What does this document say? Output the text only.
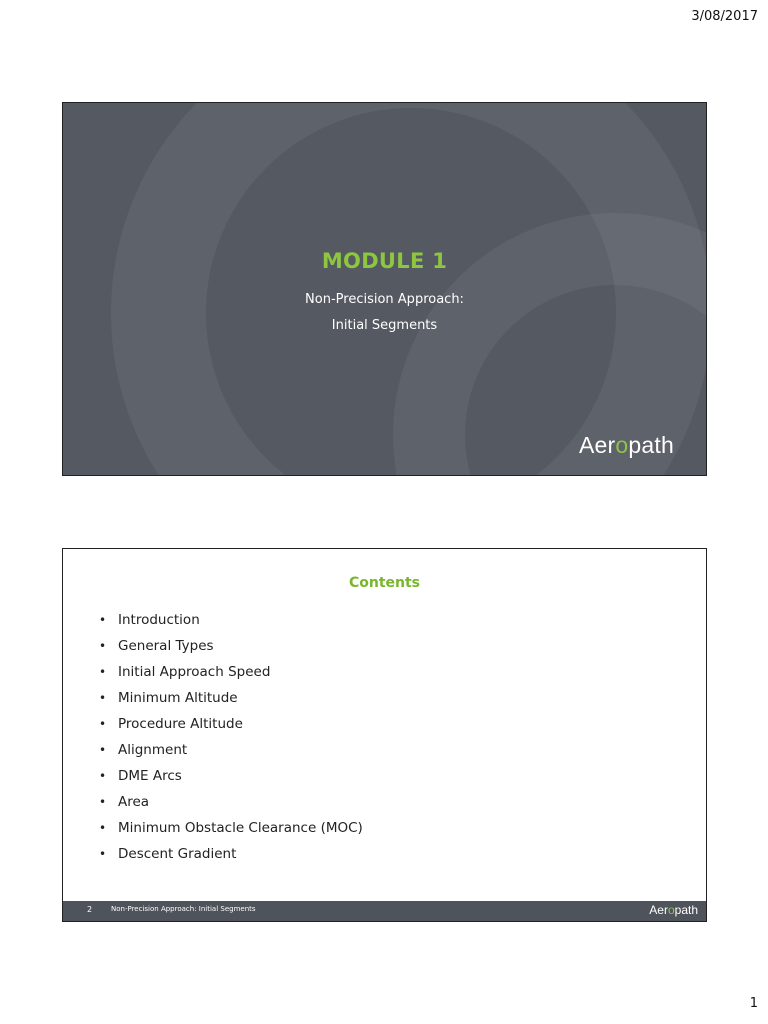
3/08/2017
MODULE 1
Non-Precision Approach:
Initial Segments
Aeropath
Contents
• Introduction
• General Types
• Initial Approach Speed
• Minimum Altitude
• Procedure Altitude
• Alignment
• DME Arcs
• Area
• Minimum Obstacle Clearance (MOC)
• Descent Gradient
2	Non-Precision Approach: Initial Segments	Aeropath
1
